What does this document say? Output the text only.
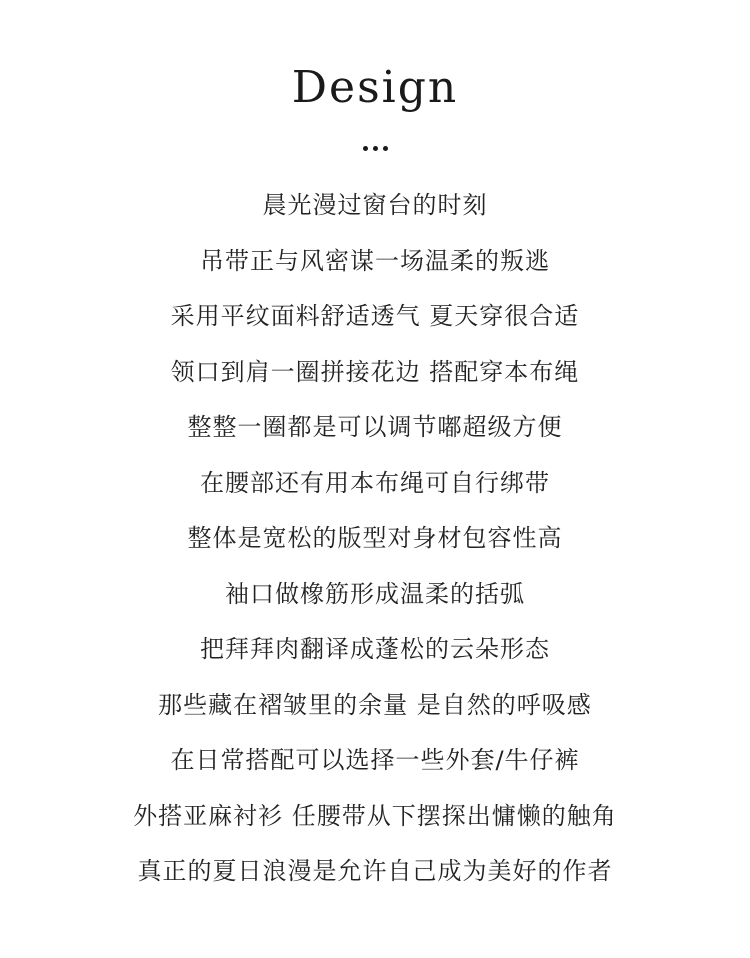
Design
晨光漫过窗台的时刻
吊带正与风密谋一场温柔的叛逃
采用平纹面料舒适透气 夏天穿很合适
领口到肩一圈拼接花边 搭配穿本布绳
整整一圈都是可以调节嘟超级方便
在腰部还有用本布绳可自行绑带
整体是宽松的版型对身材包容性高
袖口做橡筋形成温柔的括弧
把拜拜肉翻译成蓬松的云朵形态
那些藏在褶皱里的余量 是自然的呼吸感
在日常搭配可以选择一些外套/牛仔裤
外搭亚麻衬衫 任腰带从下摆探出慵懒的触角
真正的夏日浪漫是允许自己成为美好的作者
